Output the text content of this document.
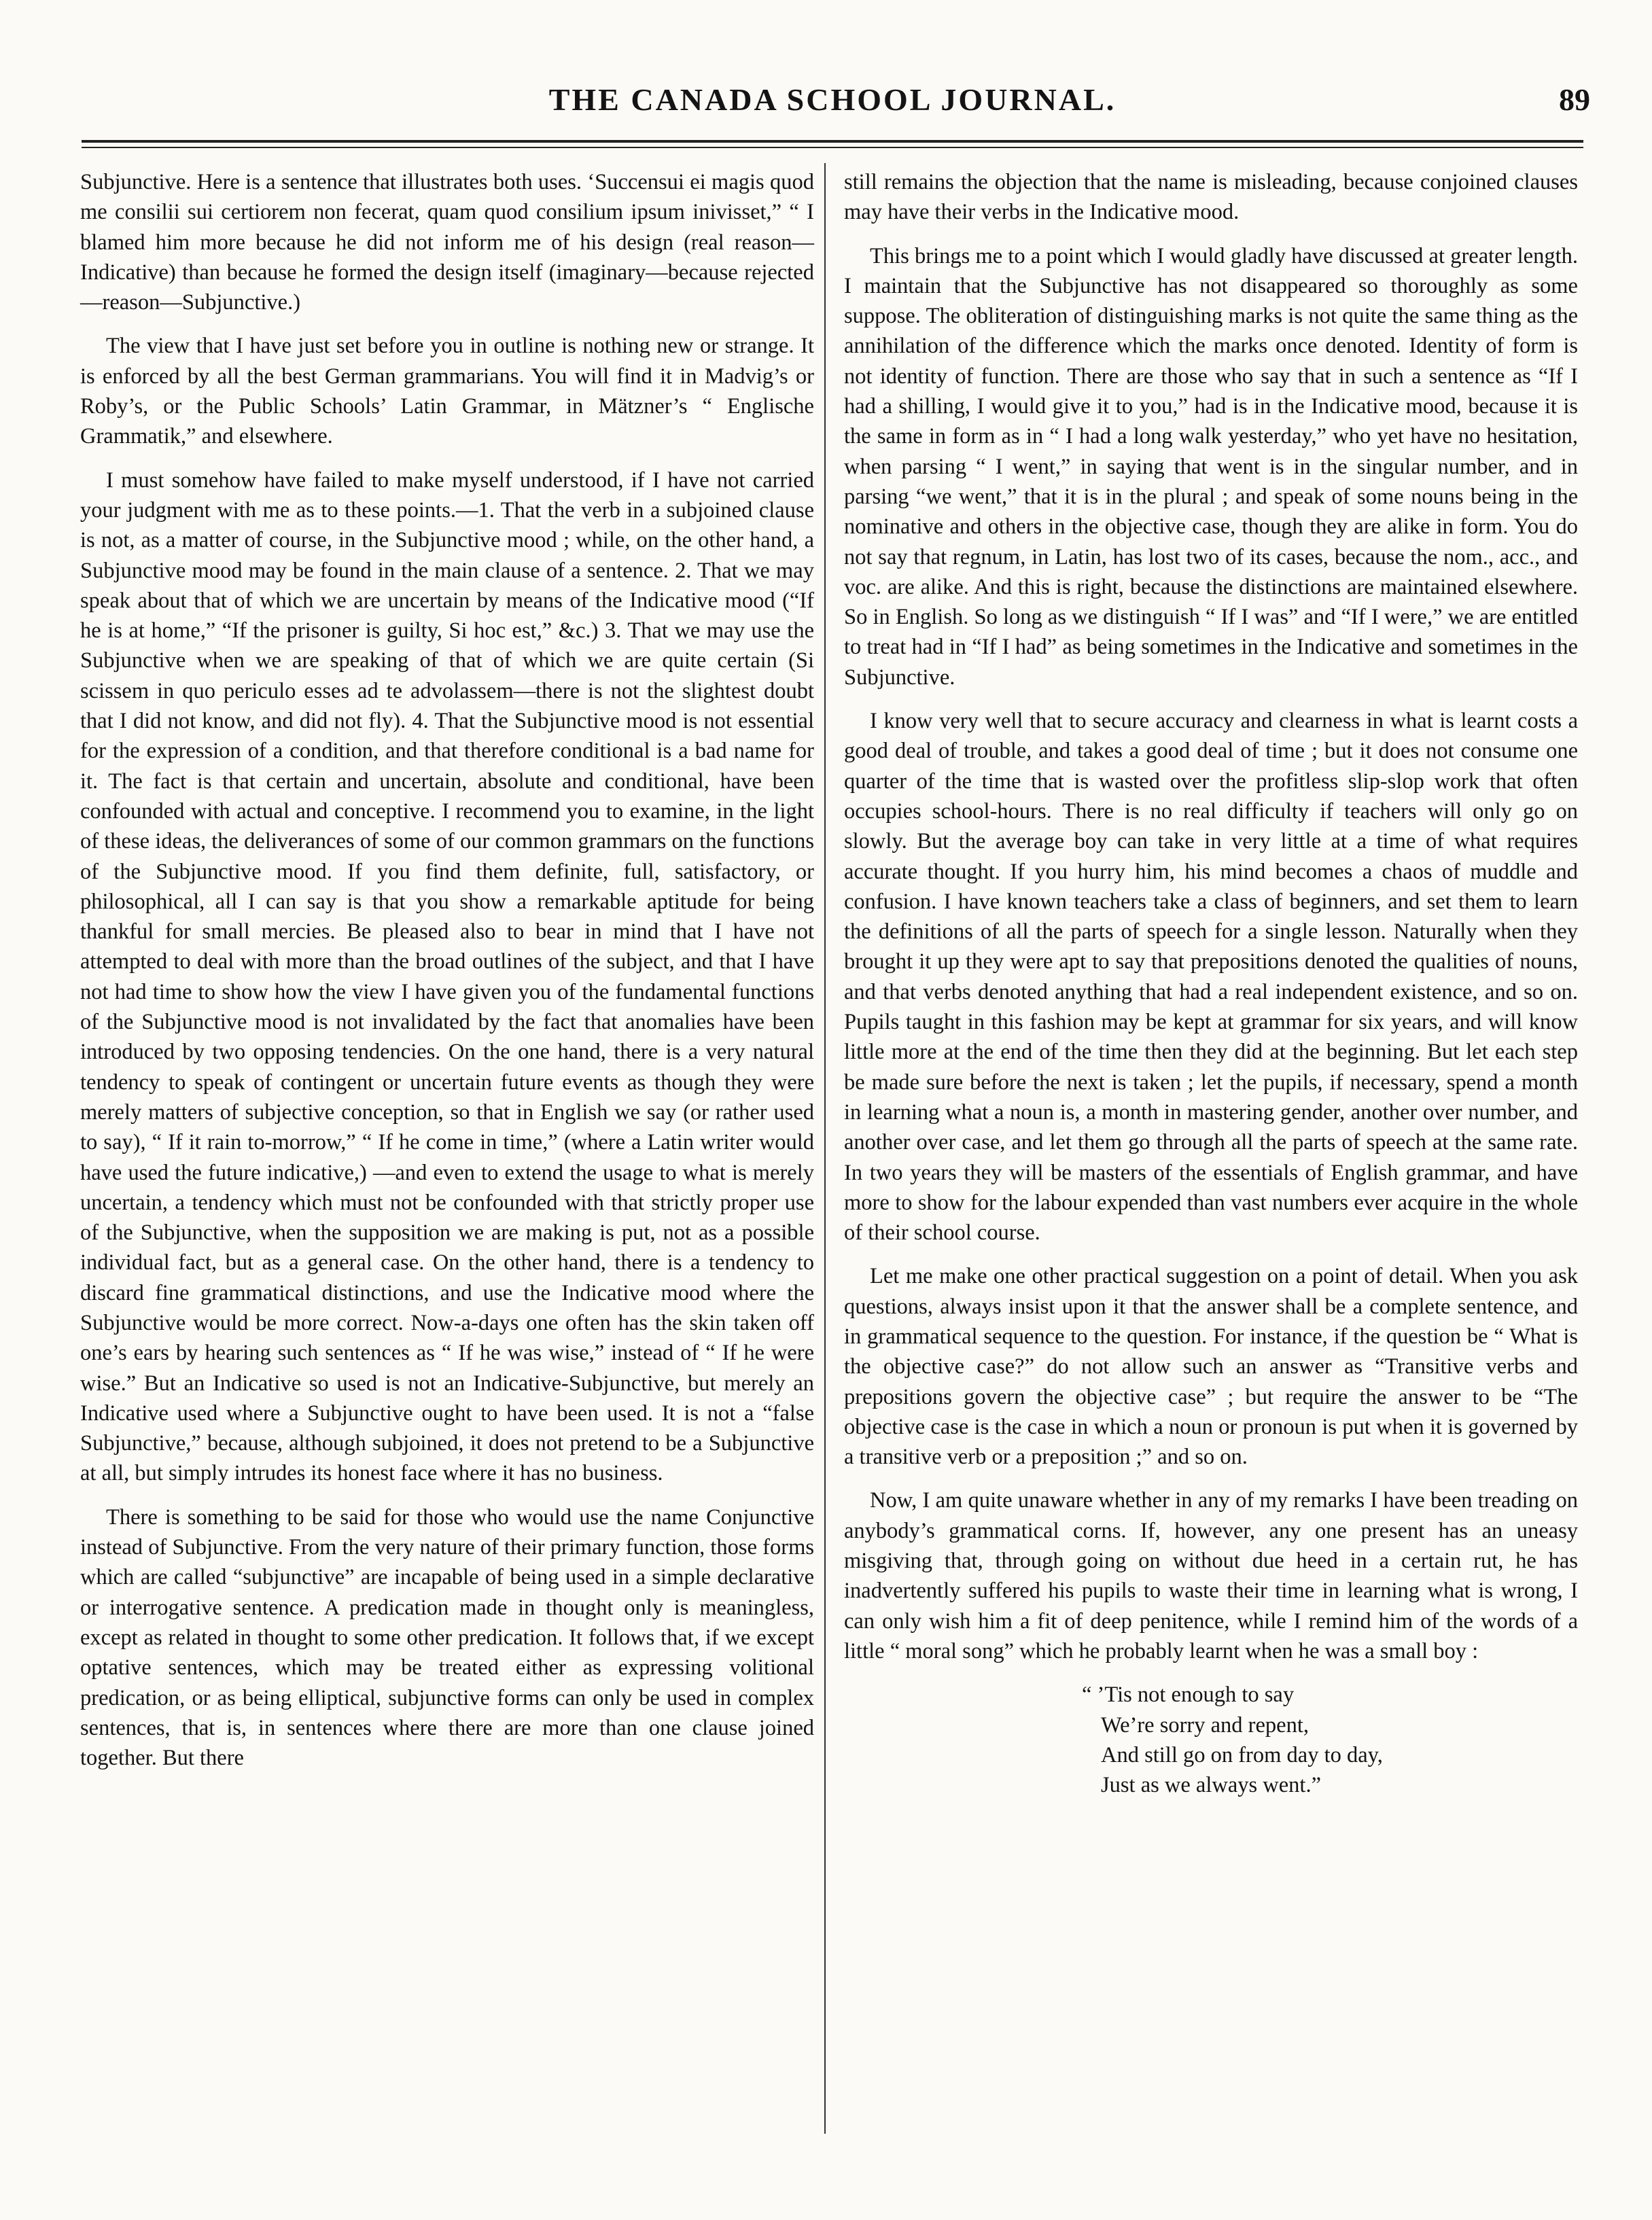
THE CANADA SCHOOL JOURNAL.	89

Subjunctive. Here is a sentence that illustrates both uses. ‘Succensui ei magis quod me consilii sui certiorem non fecerat, quam quod consilium ipsum inivisset,” “ I blamed him more because he did not inform me of his design (real reason—Indicative) than because he formed the design itself (imaginary—because rejected—reason—Subjunctive.)

The view that I have just set before you in outline is nothing new or strange. It is enforced by all the best German grammarians. You will find it in Madvig’s or Roby’s, or the Public Schools’ Latin Grammar, in Mätzner’s “ Englische Grammatik,” and elsewhere.

I must somehow have failed to make myself understood, if I have not carried your judgment with me as to these points.—1. That the verb in a subjoined clause is not, as a matter of course, in the Subjunctive mood ; while, on the other hand, a Subjunctive mood may be found in the main clause of a sentence. 2. That we may speak about that of which we are uncertain by means of the Indicative mood (“If he is at home,” “If the prisoner is guilty, Si hoc est,” &c.) 3. That we may use the Subjunctive when we are speaking of that of which we are quite certain (Si scissem in quo periculo esses ad te advolassem—there is not the slightest doubt that I did not know, and did not fly). 4. That the Subjunctive mood is not essential for the expression of a condition, and that therefore conditional is a bad name for it. The fact is that certain and uncertain, absolute and conditional, have been confounded with actual and conceptive. I recommend you to examine, in the light of these ideas, the deliverances of some of our common grammars on the functions of the Subjunctive mood. If you find them definite, full, satisfactory, or philosophical, all I can say is that you show a remarkable aptitude for being thankful for small mercies. Be pleased also to bear in mind that I have not attempted to deal with more than the broad outlines of the subject, and that I have not had time to show how the view I have given you of the fundamental functions of the Subjunctive mood is not invalidated by the fact that anomalies have been introduced by two opposing tendencies. On the one hand, there is a very natural tendency to speak of contingent or uncertain future events as though they were merely matters of subjective conception, so that in English we say (or rather used to say), “ If it rain to-morrow,” “ If he come in time,” (where a Latin writer would have used the future indicative,) —and even to extend the usage to what is merely uncertain, a tendency which must not be confounded with that strictly proper use of the Subjunctive, when the supposition we are making is put, not as a possible individual fact, but as a general case. On the other hand, there is a tendency to discard fine grammatical distinctions, and use the Indicative mood where the Subjunctive would be more correct. Now-a-days one often has the skin taken off one’s ears by hearing such sentences as “ If he was wise,” instead of “ If he were wise.” But an Indicative so used is not an Indicative-Subjunctive, but merely an Indicative used where a Subjunctive ought to have been used. It is not a “false Subjunctive,” because, although subjoined, it does not pretend to be a Subjunctive at all, but simply intrudes its honest face where it has no business.

There is something to be said for those who would use the name Conjunctive instead of Subjunctive. From the very nature of their primary function, those forms which are called “subjunctive” are incapable of being used in a simple declarative or interrogative sentence. A predication made in thought only is meaningless, except as related in thought to some other predication. It follows that, if we except optative sentences, which may be treated either as expressing volitional predication, or as being elliptical, subjunctive forms can only be used in complex sentences, that is, in sentences where there are more than one clause joined together. But there

still remains the objection that the name is misleading, because conjoined clauses may have their verbs in the Indicative mood.

This brings me to a point which I would gladly have discussed at greater length. I maintain that the Subjunctive has not disappeared so thoroughly as some suppose. The obliteration of distinguishing marks is not quite the same thing as the annihilation of the difference which the marks once denoted. Identity of form is not identity of function. There are those who say that in such a sentence as “If I had a shilling, I would give it to you,” had is in the Indicative mood, because it is the same in form as in “ I had a long walk yesterday,” who yet have no hesitation, when parsing “ I went,” in saying that went is in the singular number, and in parsing “we went,” that it is in the plural ; and speak of some nouns being in the nominative and others in the objective case, though they are alike in form. You do not say that regnum, in Latin, has lost two of its cases, because the nom., acc., and voc. are alike. And this is right, because the distinctions are maintained elsewhere. So in English. So long as we distinguish “ If I was” and “If I were,” we are entitled to treat had in “If I had” as being sometimes in the Indicative and sometimes in the Subjunctive.

I know very well that to secure accuracy and clearness in what is learnt costs a good deal of trouble, and takes a good deal of time ; but it does not consume one quarter of the time that is wasted over the profitless slip-slop work that often occupies school-hours. There is no real difficulty if teachers will only go on slowly. But the average boy can take in very little at a time of what requires accurate thought. If you hurry him, his mind becomes a chaos of muddle and confusion. I have known teachers take a class of beginners, and set them to learn the definitions of all the parts of speech for a single lesson. Naturally when they brought it up they were apt to say that prepositions denoted the qualities of nouns, and that verbs denoted anything that had a real independent existence, and so on. Pupils taught in this fashion may be kept at grammar for six years, and will know little more at the end of the time then they did at the beginning. But let each step be made sure before the next is taken ; let the pupils, if necessary, spend a month in learning what a noun is, a month in mastering gender, another over number, and another over case, and let them go through all the parts of speech at the same rate. In two years they will be masters of the essentials of English grammar, and have more to show for the labour expended than vast numbers ever acquire in the whole of their school course.

Let me make one other practical suggestion on a point of detail. When you ask questions, always insist upon it that the answer shall be a complete sentence, and in grammatical sequence to the question. For instance, if the question be “ What is the objective case?” do not allow such an answer as “Transitive verbs and prepositions govern the objective case” ; but require the answer to be “The objective case is the case in which a noun or pronoun is put when it is governed by a transitive verb or a preposition ;” and so on.

Now, I am quite unaware whether in any of my remarks I have been treading on anybody’s grammatical corns. If, however, any one present has an uneasy misgiving that, through going on without due heed in a certain rut, he has inadvertently suffered his pupils to waste their time in learning what is wrong, I can only wish him a fit of deep penitence, while I remind him of the words of a little “ moral song” which he probably learnt when he was a small boy :

“ ’Tis not enough to say
We’re sorry and repent,
And still go on from day to day,
Just as we always went.”
